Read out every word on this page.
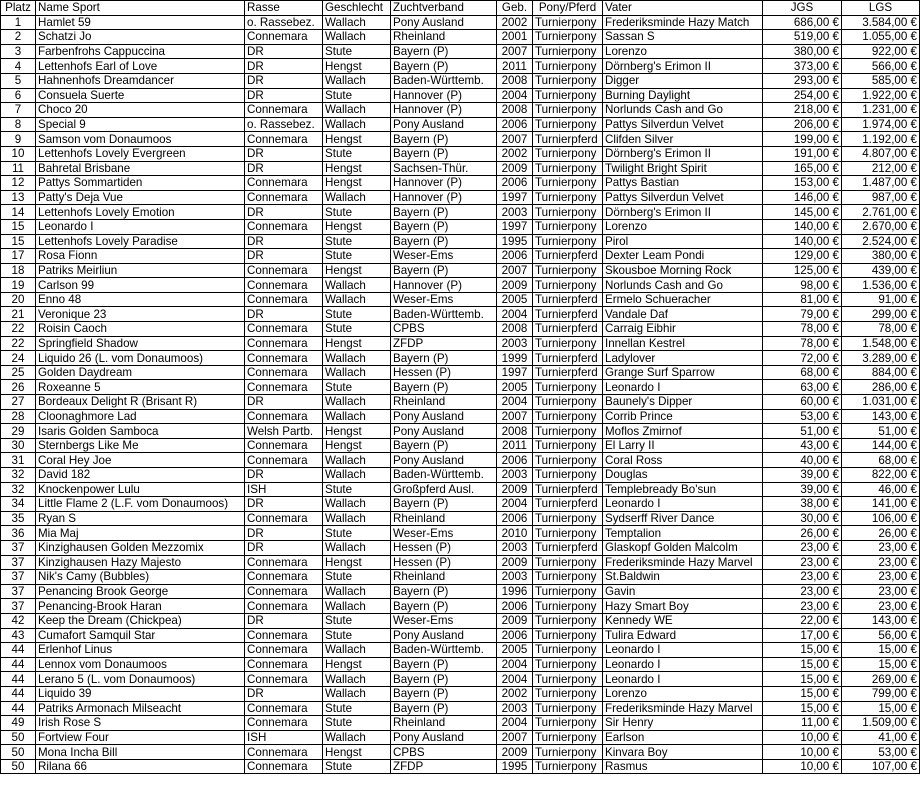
Platz	Name Sport	Rasse	Geschlecht	Zuchtverband	Geb.	Pony/Pferd	Vater	JGS	LGS
1	Hamlet 59	o. Rassebez.	Wallach	Pony Ausland	2002	Turnierpony	Frederiksminde Hazy Match	686,00 €	3.584,00 €
2	Schatzi Jo	Connemara	Wallach	Rheinland	2001	Turnierpony	Sassan S	519,00 €	1.055,00 €
3	Farbenfrohs Cappuccina	DR	Stute	Bayern (P)	2007	Turnierpony	Lorenzo	380,00 €	922,00 €
4	Lettenhofs Earl of Love	DR	Hengst	Bayern (P)	2011	Turnierpony	Dörnberg's Erimon II	373,00 €	566,00 €
5	Hahnenhofs Dreamdancer	DR	Wallach	Baden-Württemb.	2008	Turnierpony	Digger	293,00 €	585,00 €
6	Consuela Suerte	DR	Stute	Hannover (P)	2004	Turnierpony	Burning Daylight	254,00 €	1.922,00 €
7	Choco 20	Connemara	Wallach	Hannover (P)	2008	Turnierpony	Norlunds Cash and Go	218,00 €	1.231,00 €
8	Special 9	o. Rassebez.	Wallach	Pony Ausland	2006	Turnierpony	Pattys Silverdun Velvet	206,00 €	1.974,00 €
9	Samson vom Donaumoos	Connemara	Hengst	Bayern (P)	2007	Turnierpferd	Clifden Silver	199,00 €	1.192,00 €
10	Lettenhofs Lovely Evergreen	DR	Stute	Bayern (P)	2002	Turnierpony	Dörnberg's Erimon II	191,00 €	4.807,00 €
11	Bahretal Brisbane	DR	Hengst	Sachsen-Thür.	2009	Turnierpony	Twilight Bright Spirit	165,00 €	212,00 €
12	Pattys Sommartiden	Connemara	Hengst	Hannover (P)	2006	Turnierpony	Pattys Bastian	153,00 €	1.487,00 €
13	Patty's Deja Vue	Connemara	Wallach	Hannover (P)	1997	Turnierpony	Pattys Silverdun Velvet	146,00 €	987,00 €
14	Lettenhofs Lovely Emotion	DR	Stute	Bayern (P)	2003	Turnierpony	Dörnberg's Erimon II	145,00 €	2.761,00 €
15	Leonardo I	Connemara	Hengst	Bayern (P)	1997	Turnierpony	Lorenzo	140,00 €	2.670,00 €
15	Lettenhofs Lovely Paradise	DR	Stute	Bayern (P)	1995	Turnierpony	Pirol	140,00 €	2.524,00 €
17	Rosa Fionn	DR	Stute	Weser-Ems	2006	Turnierpferd	Dexter Leam Pondi	129,00 €	380,00 €
18	Patriks Meirliun	Connemara	Hengst	Bayern (P)	2007	Turnierpony	Skousboe Morning Rock	125,00 €	439,00 €
19	Carlson 99	Connemara	Wallach	Hannover (P)	2009	Turnierpony	Norlunds Cash and Go	98,00 €	1.536,00 €
20	Enno 48	Connemara	Wallach	Weser-Ems	2005	Turnierpferd	Ermelo Schueracher	81,00 €	91,00 €
21	Veronique 23	DR	Stute	Baden-Württemb.	2004	Turnierpferd	Vandale Daf	79,00 €	299,00 €
22	Roisin Caoch	Connemara	Stute	CPBS	2008	Turnierpferd	Carraig Eibhir	78,00 €	78,00 €
22	Springfield Shadow	Connemara	Hengst	ZFDP	2003	Turnierpony	Innellan Kestrel	78,00 €	1.548,00 €
24	Liquido 26 (L. vom Donaumoos)	Connemara	Wallach	Bayern (P)	1999	Turnierpferd	Ladylover	72,00 €	3.289,00 €
25	Golden Daydream	Connemara	Wallach	Hessen (P)	1997	Turnierpferd	Grange Surf Sparrow	68,00 €	884,00 €
26	Roxeanne 5	Connemara	Stute	Bayern (P)	2005	Turnierpony	Leonardo I	63,00 €	286,00 €
27	Bordeaux Delight R (Brisant R)	DR	Wallach	Rheinland	2004	Turnierpony	Baunely's Dipper	60,00 €	1.031,00 €
28	Cloonaghmore Lad	Connemara	Wallach	Pony Ausland	2007	Turnierpony	Corrib Prince	53,00 €	143,00 €
29	Isaris Golden Samboca	Welsh Partb.	Hengst	Pony Ausland	2008	Turnierpony	Moflos Zmirnof	51,00 €	51,00 €
30	Sternbergs Like Me	Connemara	Hengst	Bayern (P)	2011	Turnierpony	El Larry II	43,00 €	144,00 €
31	Coral Hey Joe	Connemara	Wallach	Pony Ausland	2006	Turnierpony	Coral Ross	40,00 €	68,00 €
32	David 182	DR	Wallach	Baden-Württemb.	2003	Turnierpony	Douglas	39,00 €	822,00 €
32	Knockenpower Lulu	ISH	Stute	Großpferd Ausl.	2009	Turnierpferd	Templebready Bo'sun	39,00 €	46,00 €
34	Little Flame 2 (L.F. vom Donaumoos)	DR	Wallach	Bayern (P)	2004	Turnierpferd	Leonardo I	38,00 €	141,00 €
35	Ryan S	Connemara	Wallach	Rheinland	2006	Turnierpony	Sydserff River Dance	30,00 €	106,00 €
36	Mia Maj	DR	Stute	Weser-Ems	2010	Turnierpony	Temptalion	26,00 €	26,00 €
37	Kinzighausen Golden Mezzomix	DR	Wallach	Hessen (P)	2003	Turnierpferd	Glaskopf Golden Malcolm	23,00 €	23,00 €
37	Kinzighausen Hazy Majesto	Connemara	Hengst	Hessen (P)	2009	Turnierpony	Frederiksminde Hazy Marvel	23,00 €	23,00 €
37	Nik's Camy (Bubbles)	Connemara	Stute	Rheinland	2003	Turnierpony	St.Baldwin	23,00 €	23,00 €
37	Penancing Brook George	Connemara	Wallach	Bayern (P)	1996	Turnierpony	Gavin	23,00 €	23,00 €
37	Penancing-Brook Haran	Connemara	Wallach	Bayern (P)	2006	Turnierpony	Hazy Smart Boy	23,00 €	23,00 €
42	Keep the Dream (Chickpea)	DR	Stute	Weser-Ems	2009	Turnierpony	Kennedy WE	22,00 €	143,00 €
43	Cumafort Samquil Star	Connemara	Stute	Pony Ausland	2006	Turnierpony	Tulira Edward	17,00 €	56,00 €
44	Erlenhof Linus	Connemara	Wallach	Baden-Württemb.	2005	Turnierpony	Leonardo I	15,00 €	15,00 €
44	Lennox vom Donaumoos	Connemara	Hengst	Bayern (P)	2004	Turnierpony	Leonardo I	15,00 €	15,00 €
44	Lerano 5 (L. vom Donaumoos)	Connemara	Wallach	Bayern (P)	2004	Turnierpony	Leonardo I	15,00 €	269,00 €
44	Liquido 39	DR	Wallach	Bayern (P)	2002	Turnierpony	Lorenzo	15,00 €	799,00 €
44	Patriks Armonach Milseacht	Connemara	Stute	Bayern (P)	2003	Turnierpony	Frederiksminde Hazy Marvel	15,00 €	15,00 €
49	Irish Rose S	Connemara	Stute	Rheinland	2004	Turnierpony	Sir Henry	11,00 €	1.509,00 €
50	Fortview Four	ISH	Wallach	Pony Ausland	2007	Turnierpony	Earlson	10,00 €	41,00 €
50	Mona Incha Bill	Connemara	Hengst	CPBS	2009	Turnierpony	Kinvara Boy	10,00 €	53,00 €
50	Rilana 66	Connemara	Stute	ZFDP	1995	Turnierpony	Rasmus	10,00 €	107,00 €
